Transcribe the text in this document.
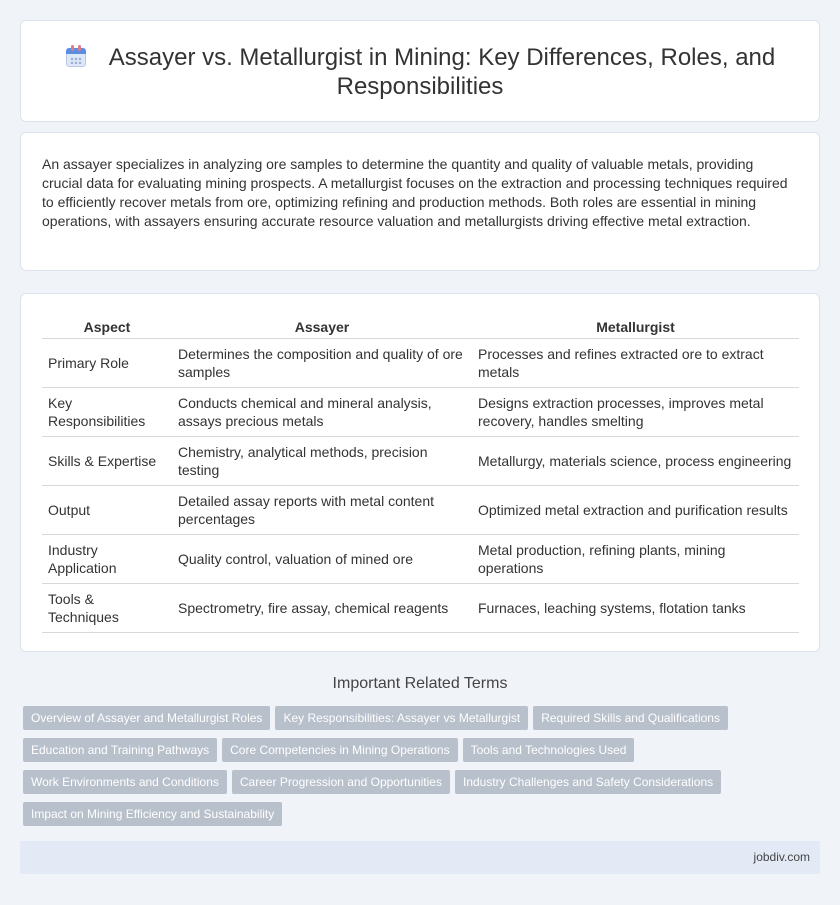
Assayer vs. Metallurgist in Mining: Key Differences, Roles, and Responsibilities

An assayer specializes in analyzing ore samples to determine the quantity and quality of valuable metals, providing crucial data for evaluating mining prospects. A metallurgist focuses on the extraction and processing techniques required to efficiently recover metals from ore, optimizing refining and production methods. Both roles are essential in mining operations, with assayers ensuring accurate resource valuation and metallurgists driving effective metal extraction.

Aspect	Assayer	Metallurgist
Primary Role	Determines the composition and quality of ore samples	Processes and refines extracted ore to extract metals
Key Responsibilities	Conducts chemical and mineral analysis, assays precious metals	Designs extraction processes, improves metal recovery, handles smelting
Skills & Expertise	Chemistry, analytical methods, precision testing	Metallurgy, materials science, process engineering
Output	Detailed assay reports with metal content percentages	Optimized metal extraction and purification results
Industry Application	Quality control, valuation of mined ore	Metal production, refining plants, mining operations
Tools & Techniques	Spectrometry, fire assay, chemical reagents	Furnaces, leaching systems, flotation tanks
Important Related Terms
Overview of Assayer and Metallurgist Roles Key Responsibilities: Assayer vs Metallurgist Required Skills and Qualifications
Education and Training Pathways Core Competencies in Mining Operations Tools and Technologies Used
Work Environments and Conditions Career Progression and Opportunities Industry Challenges and Safety Considerations
Impact on Mining Efficiency and Sustainability
jobdiv.com
